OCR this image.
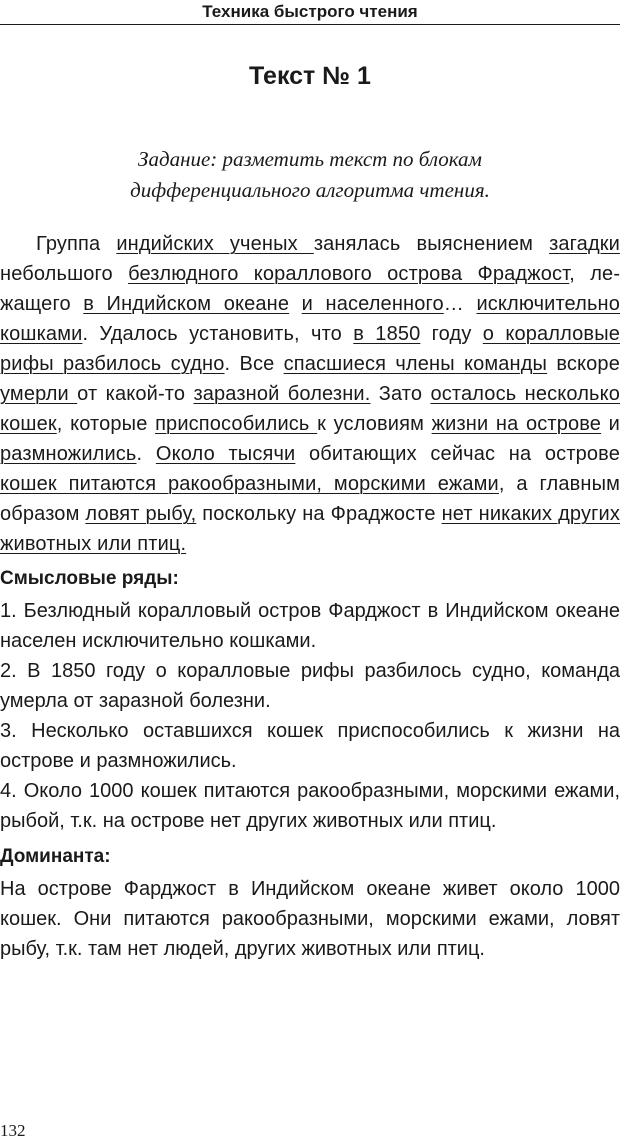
Техника быстрого чтения
Текст № 1
Задание: разметить текст по блокам
дифференциального алгоритма чтения.

Группа индийских ученых занялась выяснением загадки небольшого безлюдного кораллового острова Фраджост, лежащего в Индийском океане и населенного… исключительно кошками. Удалось установить, что в 1850 году о коралловые рифы разбилось судно. Все спасшиеся члены команды вскоре умерли от какой-то заразной болезни. Зато осталось несколько кошек, которые приспособились к условиям жизни на острове и размножились. Около тысячи обитающих сейчас на острове кошек питаются ракообразными, морскими ежами, а главным образом ловят рыбу, поскольку на Фраджосте нет никаких других животных или птиц.

Смысловые ряды:
1. Безлюдный коралловый остров Фарджост в Индийском океане населен исключительно кошками.
2. В 1850 году о коралловые рифы разбилось судно, команда умерла от заразной болезни.
3. Несколько оставшихся кошек приспособились к жизни на острове и размножились.
4. Около 1000 кошек питаются ракообразными, морскими ежами, рыбой, т.к. на острове нет других животных или птиц.
Доминанта:

На острове Фарджост в Индийском океане живет около 1000 кошек. Они питаются ракообразными, морскими ежами, ловят рыбу, т.к. там нет людей, других животных или птиц.

132
